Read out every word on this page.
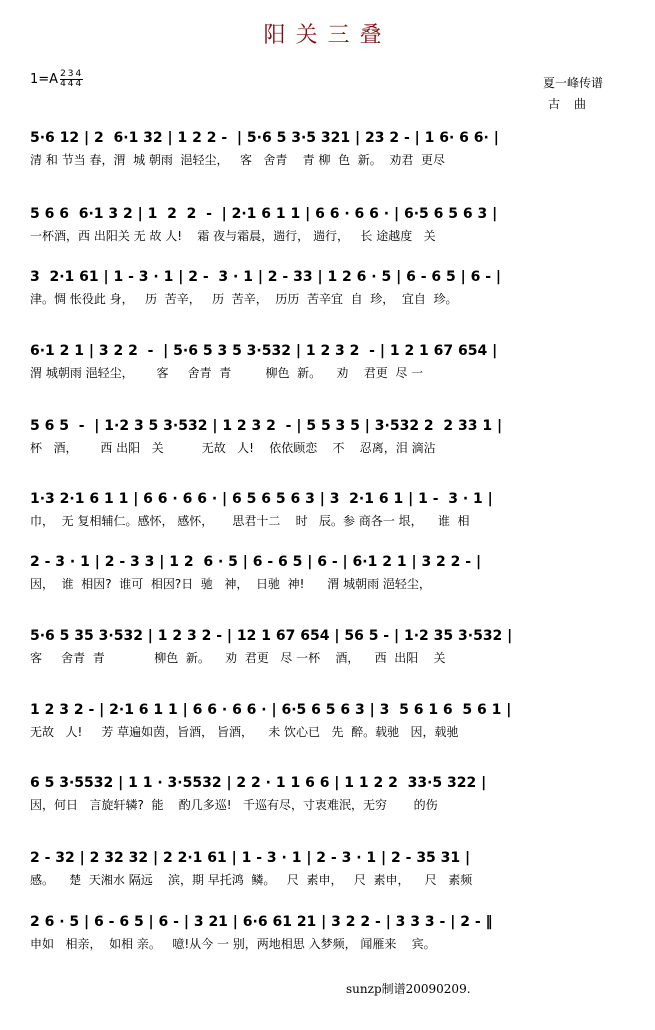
阳关三叠
1=A 234
444	夏一峰传谱
古曲
5·6 12 | 2  6·1 32 | 1 2 2 -  | 5·6 5 3·5 321 | 23 2 - | 1 6· 6 6· |
清 和 节当 春，渭  城 朝雨  浥轻尘，   客   舍青    青 柳  色  新。  劝君  更尽
5 6 6  6·1 3 2 | 1  2  2  -  | 2·1 6 1 1 | 6 6 · 6 6 · | 6·5 6 5 6 3 |
一杯酒，西 出阳关 无 故 人!    霜 夜与霜晨，遄行， 遄行，   长 途越度   关
3  2·1 61 | 1 - 3 · 1 | 2 -  3 · 1 | 2 - 33 | 1 2 6 · 5 | 6 - 6 5 | 6 - |
津。惆 怅役此 身，   历  苦辛，   历  苦辛，  历历  苦辛宜  自  珍，  宜自  珍。
6·1 2 1 | 3 2 2  -  | 5·6 5 3 5 3·532 | 1 2 3 2  - | 1 2 1 67 654 |
渭 城朝雨 浥轻尘，      客     舍青  青         柳色  新。    劝    君更  尽 一
5 6 5  -  | 1·2 3 5 3·532 | 1 2 3 2  - | 5 5 3 5 | 3·532 2  2 33 1 |
杯   酒，      西 出阳   关          无故   人!    依依顾恋    不    忍离，泪 滴沾
1·3 2·1 6 1 1 | 6 6 · 6 6 · | 6 5 6 5 6 3 | 3  2·1 6 1 | 1 -  3 · 1 |
巾，  无 复相辅仁。感怀， 感怀，     思君十二    时   辰。参 商各一 垠，    谁  相
2 - 3 · 1 | 2 - 3 3 | 1 2  6 · 5 | 6 - 6 5 | 6 - | 6·1 2 1 | 3 2 2 - |
因，  谁  相因?  谁可  相因?日  驰   神，  日驰  神!      渭 城朝雨 浥轻尘，
5·6 5 35 3·532 | 1 2 3 2 - | 12 1 67 654 | 56 5 - | 1·2 35 3·532 |
客     舍青  青             柳色  新。    劝  君更   尽 一杯    酒，    西  出阳    关
1 2 3 2 - | 2·1 6 1 1 | 6 6 · 6 6 · | 6·5 6 5 6 3 | 3  5 6 1 6  5 6 1 |
无故   人!     芳 草遍如茵，旨酒， 旨酒，    未 饮心已   先  醉。载驰   因，载驰
6 5 3·5532 | 1 1 · 3·5532 | 2 2 · 1 1 6 6 | 1 1 2 2  33·5 322 |
因，何日   言旋轩辚?  能    酌几多巡!   千巡有尽，寸衷难泯，无穷       的伤
2 - 32 | 2 32 32 | 2 2·1 61 | 1 - 3 · 1 | 2 - 3 · 1 | 2 - 35 31 |
感。    楚  天湘水 隔远    滨，期 早托鸿  鳞。   尺  素申，   尺  素申，    尺   素频
2 6 · 5 | 6 - 6 5 | 6 - | 3 21 | 6·6 61 21 | 3 2 2 - | 3 3 3 - | 2 - ‖
申如   相亲，  如相 亲。   噫!从今 一 别，两地相思 入梦频， 闻雁来    宾。
sunzp制谱20090209.
